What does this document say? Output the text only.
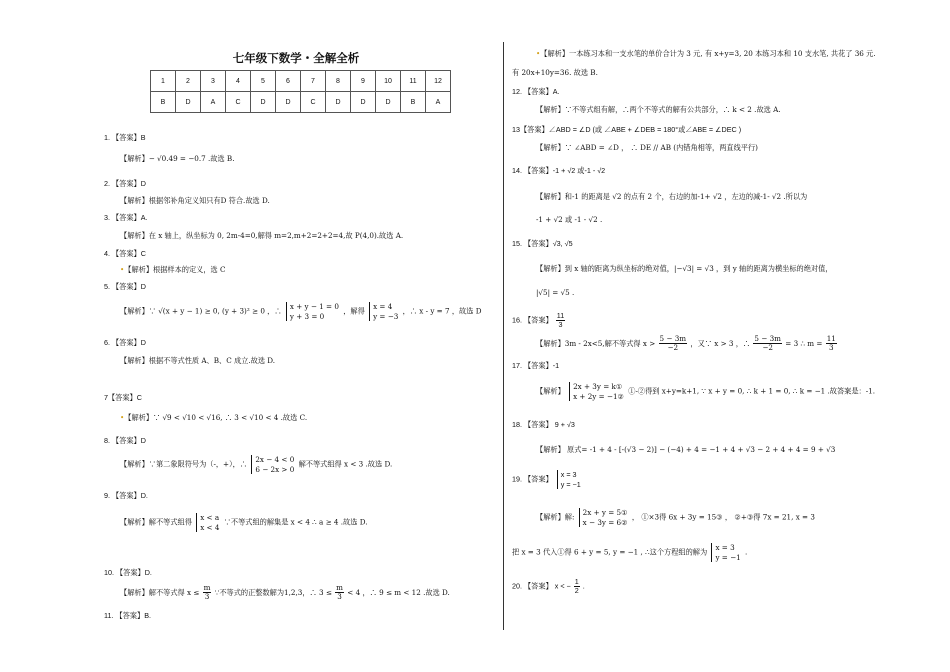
七年级下数学・全解全析
1	2	3	4	5	6	7	8	9	10	11	12
B	D	A	C	D	D	C	D	D	D	B	A
1. 【答案】B
【解析】− √0.49 = −0.7 .故选 B.
2. 【答案】D
【解析】根据邻补角定义知只有D 符合.故选 D.
3. 【答案】A.
【解析】在 x 轴上，纵坐标为 0, 2m-4=0,解得 m=2,m+2=2+2=4,故 P(4,0).故选 A.
4. 【答案】C
•【解析】根据样本的定义，选 C
5. 【答案】D
【解析】∵ √(x + y − 1) ≥ 0, (y + 3)² ≥ 0 ，∴ x + y − 1 = 0
y + 3 = 0 ，解得 x = 4
y = −3 ，∴ x - y = 7 ，故选 D
6. 【答案】D
【解析】根据不等式性质 A、B、C 成立.故选 D.
7【答案】C
•【解析】∵ √9 < √10 < √16, ∴ 3 < √10 < 4 .故选 C.
8. 【答案】D
【解析】∵第二象限符号为（-，+），∴ 2x − 4 < 0
6 − 2x > 0 解不等式组得 x < 3 .故选 D.
9. 【答案】D.
【解析】解不等式组得 x < a
x < 4 ∵不等式组的解集是 x < 4 ∴ a ≥ 4 .故选 D.
10. 【答案】D.
【解析】解不等式得 $x \le \frac{m}{3}$ ∵不等式的正整数解为1,2,3，∴ $3 \le \frac{m}{3} < 4$ ，∴ 9 ≤ m < 12 .故选 D.
11. 【答案】B.
•【解析】一本练习本和一支水笔的单价合计为 3 元, 有 x+y=3, 20 本练习本和 10 支水笔, 共花了 36 元.
有 20x+10y=36. 故选 B.
12. 【答案】A.
【解析】∵不等式组有解，∴两个不等式的解有公共部分，∴ k < 2 .故选 A.
13【答案】∠ABD = ∠D (或 ∠ABE + ∠DEB = 180°或∠ABE = ∠DEC )
【解析】∵ ∠ABD = ∠D ， ∴ DE // AB (内错角相等，两直线平行)
14. 【答案】-1 + √2 或-1 - √2
【解析】和-1 的距离是 √2 的点有 2 个，右边的加-1+ √2 ，左边的减-1- √2 .所以为
-1 + √2 或 -1 - √2 .
15. 【答案】√3, √5
【解析】到 x 轴的距离为纵坐标的绝对值，|−√3| = √3 ，到 y 轴的距离为横坐标的绝对值，
|√5| = √5 .
16. 【答案】 $\frac{11}{3}$
【解析】3m - 2x<5,解不等式得 $x > \frac{5 - 3m}{-2}$ ，又∵ x > 3 ，∴ $\frac{5 - 3m}{-2} = 3$ ∴ $m = \frac{11}{3}$
17. 【答案】-1
【解析】 2x + 3y = k①
x + 2y = −1② ①-②得到 x+y=k+1, ∵ x + y = 0, ∴ k + 1 = 0, ∴ k = −1 .故答案是：-1.
18. 【答案】 9 + √3
【解析】 原式= -1 + 4 - [-(√3 − 2)] − (−4) + 4 = −1 + 4 + √3 − 2 + 4 + 4 = 9 + √3
19. 【答案】 x = 3
y = −1
【解析】解: 2x + y = 5①
x − 3y = 6② ， ①×3得 6x + 3y = 15③ ， ②+③得 7x = 21, x = 3
把 x = 3 代入①得 6 + y = 5, y = −1 , ∴这个方程组的解为 x = 3
y = −1 .
20. 【答案】 x < − $\frac{1}{2}$ .
